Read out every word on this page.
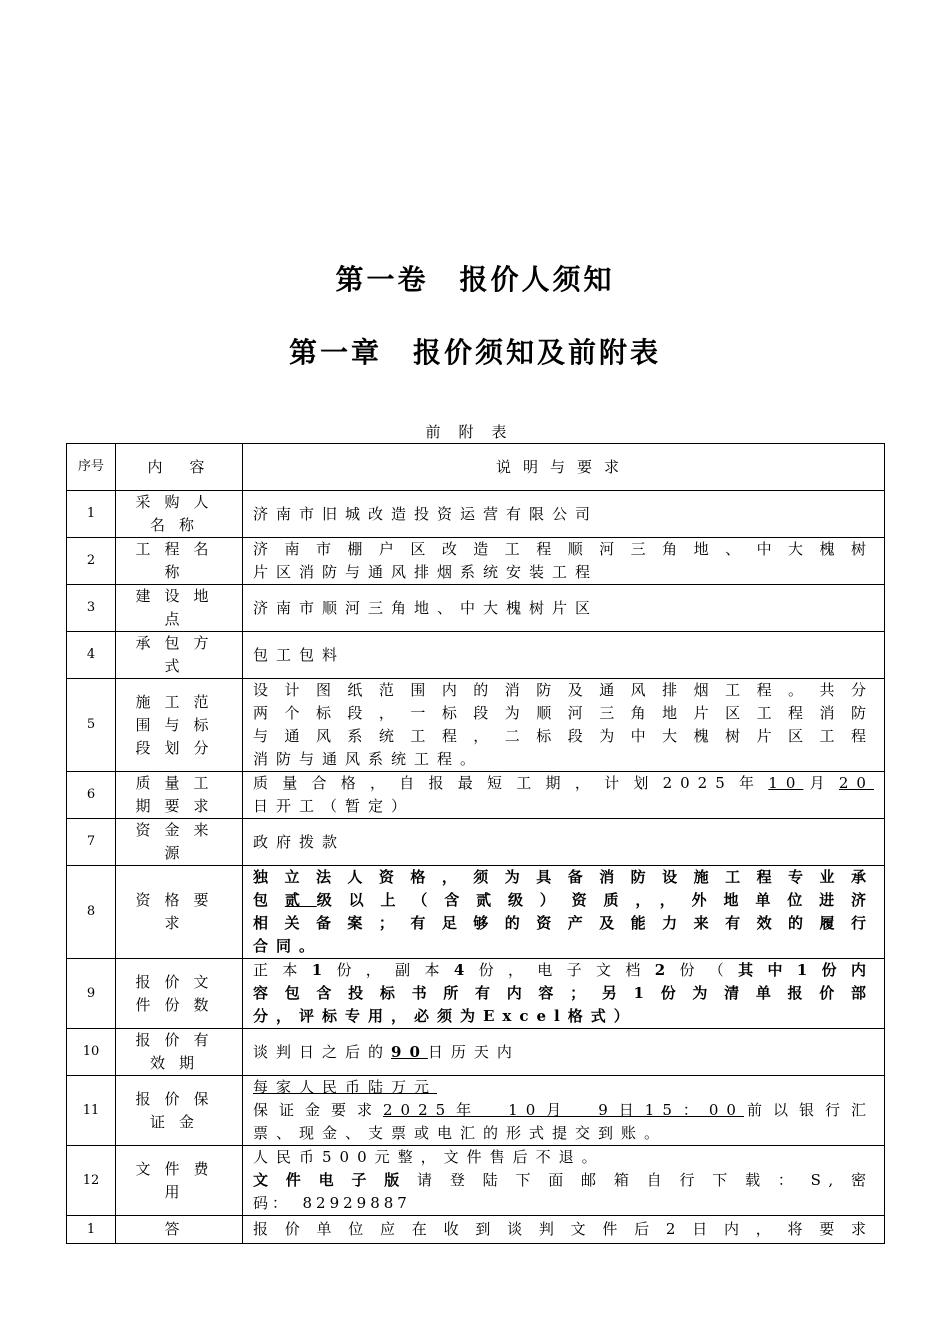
第一卷　报价人须知
第一章　报价须知及前附表
前附表
序号	内　容	说明与要求
1	采购人名称	济南市旧城改造投资运营有限公司
2	工程名称	济南市棚户区改造工程顺河三角地、中大槐树
片区消防与通风排烟系统安装工程

3	建设地点	济南市顺河三角地、中大槐树片区
4	承包方式	包工包料
5	施工范围与标段划分	设计图纸范围内的消防及通风排烟工程。共分
两个标段，一标段为顺河三角地片区工程消防
与通风系统工程，二标段为中大槐树片区工程
消防与通风系统工程。

6	质量工期要求	质量合格，自报最短工期，计划2025年10月20
日开工（暂定）

7	资金来源	政府拨款
8	资格要求	独立法人资格，须为具备消防设施工程专业承
包贰级以上（含贰级）资质，，外地单位进济
相关备案；有足够的资产及能力来有效的履行
合同。

9	报价文件份数	正本1份，副本4份，电子文档2份（其中1份内
容包含投标书所有内容；另1份为清单报价部
分，评标专用，必须为Excel格式）

10	报价有效期	谈判日之后的90日历天内
11	报价保证金	每家人民币陆万元
保证金要求2025年　10月　9日15：00前以银行汇
票、现金、支票或电汇的形式提交到账。

12	文件费用	人民币500元整，文件售后不退。
文件电子版请登陆下面邮箱自行下载：S,密
码：　82929887

1	答	报价单位应在收到谈判文件后2日内，将要求
